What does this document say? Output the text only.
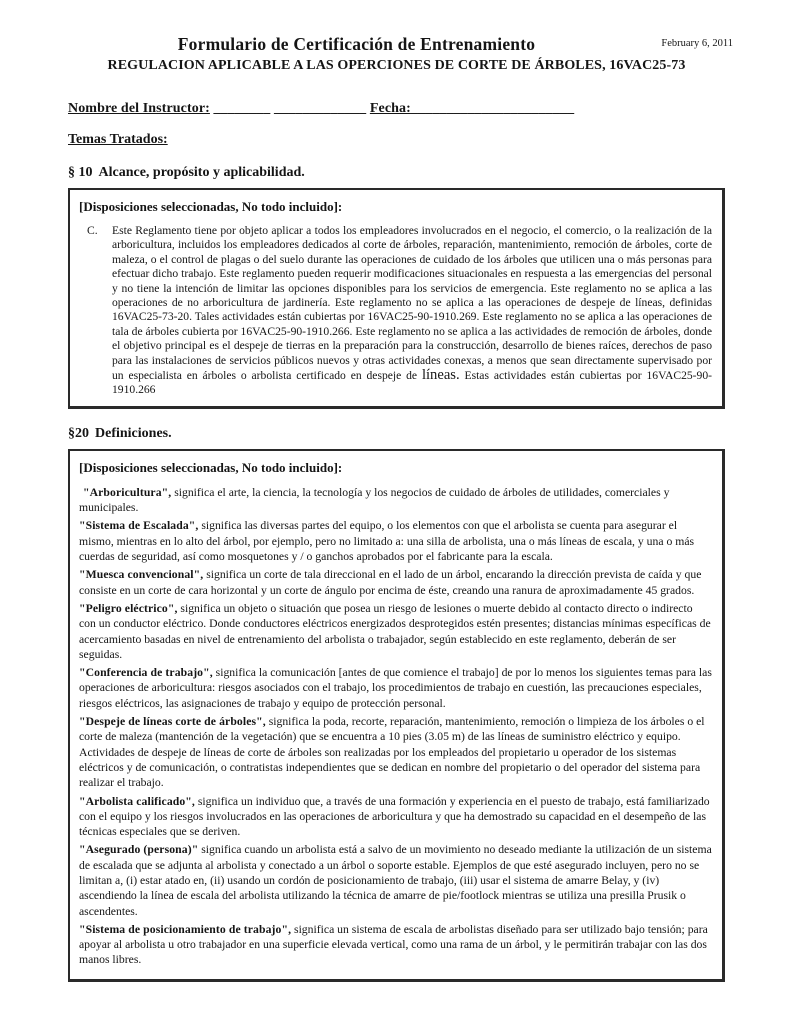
Formulario de Certificación de Entrenamiento	February 6, 2011
REGULACION APLICABLE A LAS OPERCIONES DE CORTE DE ÁRBOLES, 16VAC25-73
Nombre del Instructor: ________ _____________ Fecha:_______________________
Temas Tratados:
§ 10 Alcance, propósito y aplicabilidad.
[Disposiciones seleccionadas, No todo incluido]:
C.	Este Reglamento tiene por objeto aplicar a todos los empleadores involucrados en el negocio, el comercio, o la realización de la arboricultura, incluidos los empleadores dedicados al corte de árboles, reparación, mantenimiento, remoción de árboles, corte de maleza, o el control de plagas o del suelo durante las operaciones de cuidado de los árboles que utilicen una o más personas para efectuar dicho trabajo. Este reglamento pueden requerir modificaciones situacionales en respuesta a las emergencias del personal y no tiene la intención de limitar las opciones disponibles para los servicios de emergencia. Este reglamento no se aplica a las operaciones de no arboricultura de jardinería. Este reglamento no se aplica a las operaciones de despeje de líneas, definidas 16VAC25-73-20. Tales actividades están cubiertas por 16VAC25-90-1910.269. Este reglamento no se aplica a las operaciones de tala de árboles cubierta por 16VAC25-90-1910.266. Este reglamento no se aplica a las actividades de remoción de árboles, donde el objetivo principal es el despeje de tierras en la preparación para la construcción, desarrollo de bienes raíces, derechos de paso para las instalaciones de servicios públicos nuevos y otras actividades conexas, a menos que sean directamente supervisado por un especialista en árboles o arbolista certificado en despeje de líneas. Estas actividades están cubiertas por 16VAC25-90-1910.266
§20 Definiciones.
[Disposiciones seleccionadas, No todo incluido]:

"Arboricultura", significa el arte, la ciencia, la tecnología y los negocios de cuidado de árboles de utilidades, comerciales y municipales.

"Sistema de Escalada", significa las diversas partes del equipo, o los elementos con que el arbolista se cuenta para asegurar el mismo, mientras en lo alto del árbol, por ejemplo, pero no limitado a: una silla de arbolista, una o más líneas de escala, y una o más cuerdas de seguridad, así como mosquetones y / o ganchos aprobados por el fabricante para la escala.

"Muesca convencional", significa un corte de tala direccional en el lado de un árbol, encarando la dirección prevista de caída y que consiste en un corte de cara horizontal y un corte de ángulo por encima de éste, creando una ranura de aproximadamente 45 grados.

"Peligro eléctrico", significa un objeto o situación que posea un riesgo de lesiones o muerte debido al contacto directo o indirecto con un conductor eléctrico. Donde conductores eléctricos energizados desprotegidos estén presentes; distancias mínimas específicas de acercamiento basadas en nivel de entrenamiento del arbolista o trabajador, según establecido en este reglamento, deberán de ser seguidas.

"Conferencia de trabajo", significa la comunicación [antes de que comience el trabajo] de por lo menos los siguientes temas para las operaciones de arboricultura: riesgos asociados con el trabajo, los procedimientos de trabajo en cuestión, las precauciones especiales, riesgos eléctricos, las asignaciones de trabajo y equipo de protección personal.

"Despeje de líneas corte de árboles", significa la poda, recorte, reparación, mantenimiento, remoción o limpieza de los árboles o el corte de maleza (mantención de la vegetación) que se encuentra a 10 pies (3.05 m) de las líneas de suministro eléctrico y equipo. Actividades de despeje de líneas de corte de árboles son realizadas por los empleados del propietario u operador de los sistemas eléctricos y de comunicación, o contratistas independientes que se dedican en nombre del propietario o del operador del sistema para realizar el trabajo.

"Arbolista calificado", significa un individuo que, a través de una formación y experiencia en el puesto de trabajo, está familiarizado con el equipo y los riesgos involucrados en las operaciones de arboricultura y que ha demostrado su capacidad en el desempeño de las técnicas especiales que se deriven.

"Asegurado (persona)" significa cuando un arbolista está a salvo de un movimiento no deseado mediante la utilización de un sistema de escalada que se adjunta al arbolista y conectado a un árbol o soporte estable. Ejemplos de que esté asegurado incluyen, pero no se limitan a, (i) estar atado en, (ii) usando un cordón de posicionamiento de trabajo, (iii) usar el sistema de amarre Belay, y (iv) ascendiendo la línea de escala del arbolista utilizando la técnica de amarre de pie/footlock mientras se utiliza una presilla Prusik o ascendentes.

"Sistema de posicionamiento de trabajo", significa un sistema de escala de arbolistas diseñado para ser utilizado bajo tensión; para apoyar al arbolista u otro trabajador en una superficie elevada vertical, como una rama de un árbol, y le permitirán trabajar con las dos manos libres.
